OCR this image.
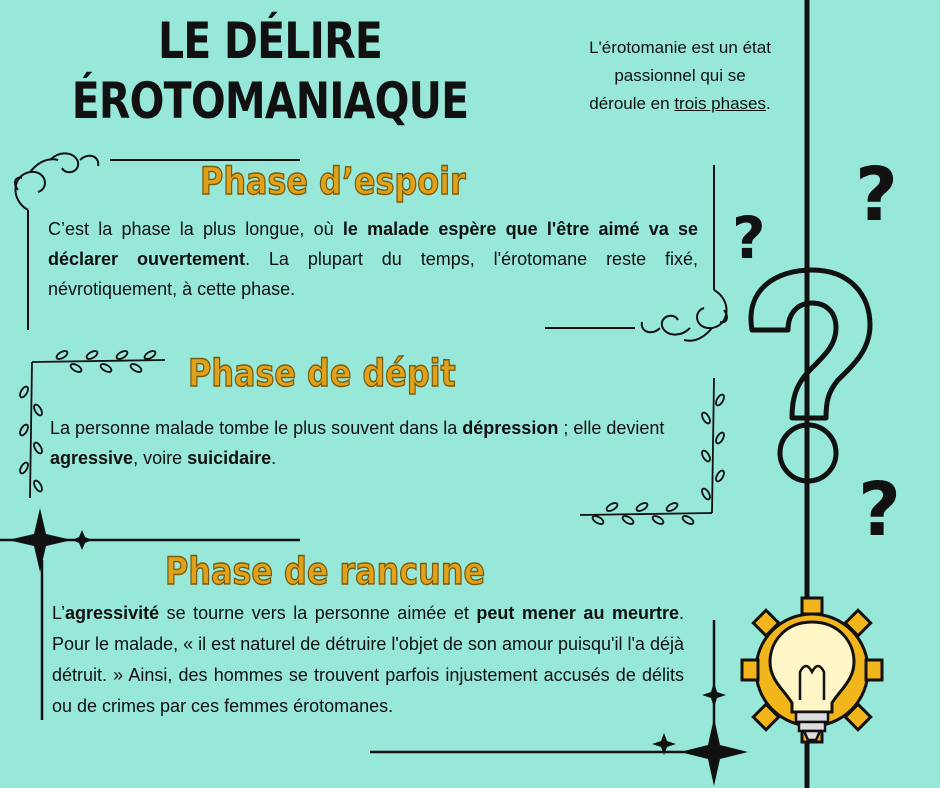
?
?
?
LE DÉLIRE
ÉROTOMANIAQUE
L'érotomanie est un état
passionnel qui se
déroule en trois phases.
Phase d’espoir
C’est la phase la plus longue, où le malade espère que l'être aimé va se déclarer ouvertement. La plupart du temps, l'érotomane reste fixé, névrotiquement, à cette phase.
Phase de dépit
La personne malade tombe le plus souvent dans la dépression ; elle devient agressive, voire suicidaire.
Phase de rancune
L’agressivité se tourne vers la personne aimée et peut mener au meurtre. Pour le malade, « il est naturel de détruire l'objet de son amour puisqu'il l'a déjà détruit. » Ainsi, des hommes se trouvent parfois injustement accusés de délits ou de crimes par ces femmes érotomanes.
